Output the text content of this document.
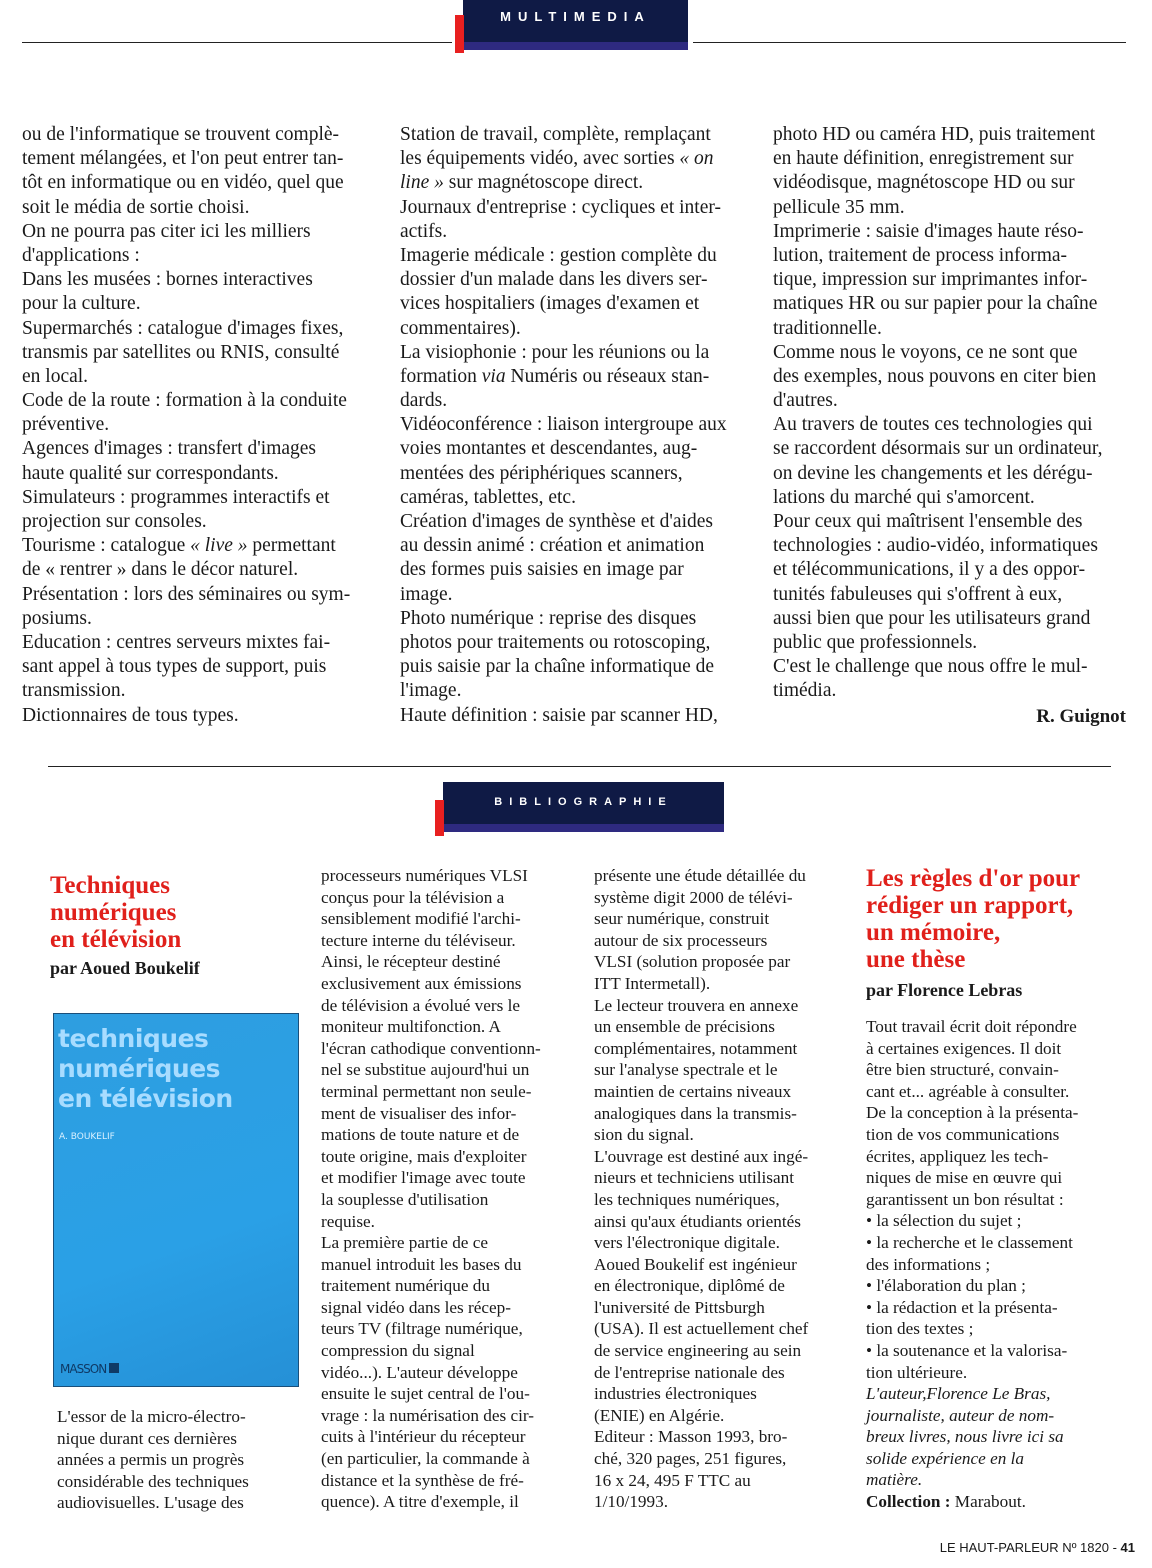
MULTIMEDIA
ou de l'informatique se trouvent complè-
tement mélangées, et l'on peut entrer tan-
tôt en informatique ou en vidéo, quel que
soit le média de sortie choisi.
On ne pourra pas citer ici les milliers
d'applications :
Dans les musées : bornes interactives
pour la culture.
Supermarchés : catalogue d'images fixes,
transmis par satellites ou RNIS, consulté
en local.
Code de la route : formation à la conduite
préventive.
Agences d'images : transfert d'images
haute qualité sur correspondants.
Simulateurs : programmes interactifs et
projection sur consoles.
Tourisme : catalogue « live » permettant
de « rentrer » dans le décor naturel.
Présentation : lors des séminaires ou sym-
posiums.
Education : centres serveurs mixtes fai-
sant appel à tous types de support, puis
transmission.
Dictionnaires de tous types.
Station de travail, complète, remplaçant
les équipements vidéo, avec sorties « on
line » sur magnétoscope direct.
Journaux d'entreprise : cycliques et inter-
actifs.
Imagerie médicale : gestion complète du
dossier d'un malade dans les divers ser-
vices hospitaliers (images d'examen et
commentaires).
La visiophonie : pour les réunions ou la
formation via Numéris ou réseaux stan-
dards.
Vidéoconférence : liaison intergroupe aux
voies montantes et descendantes, aug-
mentées des périphériques scanners,
caméras, tablettes, etc.
Création d'images de synthèse et d'aides
au dessin animé : création et animation
des formes puis saisies en image par
image.
Photo numérique : reprise des disques
photos pour traitements ou rotoscoping,
puis saisie par la chaîne informatique de
l'image.
Haute définition : saisie par scanner HD,
photo HD ou caméra HD, puis traitement
en haute définition, enregistrement sur
vidéodisque, magnétoscope HD ou sur
pellicule 35 mm.
Imprimerie : saisie d'images haute réso-
lution, traitement de process informa-
tique, impression sur imprimantes infor-
matiques HR ou sur papier pour la chaîne
traditionnelle.
Comme nous le voyons, ce ne sont que
des exemples, nous pouvons en citer bien
d'autres.
Au travers de toutes ces technologies qui
se raccordent désormais sur un ordinateur,
on devine les changements et les dérégu-
lations du marché qui s'amorcent.
Pour ceux qui maîtrisent l'ensemble des
technologies : audio-vidéo, informatiques
et télécommunications, il y a des oppor-
tunités fabuleuses qui s'offrent à eux,
aussi bien que pour les utilisateurs grand
public que professionnels.
C'est le challenge que nous offre le mul-
timédia.
R. Guignot
BIBLIOGRAPHIE
Techniques
numériques
en télévision
par Aoued Boukelif
techniques
numériques
en télévision
A. BOUKELIF
MASSON
L'essor de la micro-électro-
nique durant ces dernières
années a permis un progrès
considérable des techniques
audiovisuelles. L'usage des
processeurs numériques VLSI
conçus pour la télévision a
sensiblement modifié l'archi-
tecture interne du téléviseur.
Ainsi, le récepteur destiné
exclusivement aux émissions
de télévision a évolué vers le
moniteur multifonction. A
l'écran cathodique conventionn-
nel se substitue aujourd'hui un
terminal permettant non seule-
ment de visualiser des infor-
mations de toute nature et de
toute origine, mais d'exploiter
et modifier l'image avec toute
la souplesse d'utilisation
requise.
La première partie de ce
manuel introduit les bases du
traitement numérique du
signal vidéo dans les récep-
teurs TV (filtrage numérique,
compression du signal
vidéo...). L'auteur développe
ensuite le sujet central de l'ou-
vrage : la numérisation des cir-
cuits à l'intérieur du récepteur
(en particulier, la commande à
distance et la synthèse de fré-
quence). A titre d'exemple, il
présente une étude détaillée du
système digit 2000 de télévi-
seur numérique, construit
autour de six processeurs
VLSI (solution proposée par
ITT Intermetall).
Le lecteur trouvera en annexe
un ensemble de précisions
complémentaires, notamment
sur l'analyse spectrale et le
maintien de certains niveaux
analogiques dans la transmis-
sion du signal.
L'ouvrage est destiné aux ingé-
nieurs et techniciens utilisant
les techniques numériques,
ainsi qu'aux étudiants orientés
vers l'électronique digitale.
Aoued Boukelif est ingénieur
en électronique, diplômé de
l'université de Pittsburgh
(USA). Il est actuellement chef
de service engineering au sein
de l'entreprise nationale des
industries électroniques
(ENIE) en Algérie.
Editeur : Masson 1993, bro-
ché, 320 pages, 251 figures,
16 x 24, 495 F TTC au
1/10/1993.
Les règles d'or pour
rédiger un rapport,
un mémoire,
une thèse
par Florence Lebras
Tout travail écrit doit répondre
à certaines exigences. Il doit
être bien structuré, convain-
cant et... agréable à consulter.
De la conception à la présenta-
tion de vos communications
écrites, appliquez les tech-
niques de mise en œuvre qui
garantissent un bon résultat :
• la sélection du sujet ;
• la recherche et le classement
des informations ;
• l'élaboration du plan ;
• la rédaction et la présenta-
tion des textes ;
• la soutenance et la valorisa-
tion ultérieure.
L'auteur,Florence Le Bras,
journaliste, auteur de nom-
breux livres, nous livre ici sa
solide expérience en la
matière.
Collection : Marabout.
LE HAUT-PARLEUR Nº 1820 - 41
